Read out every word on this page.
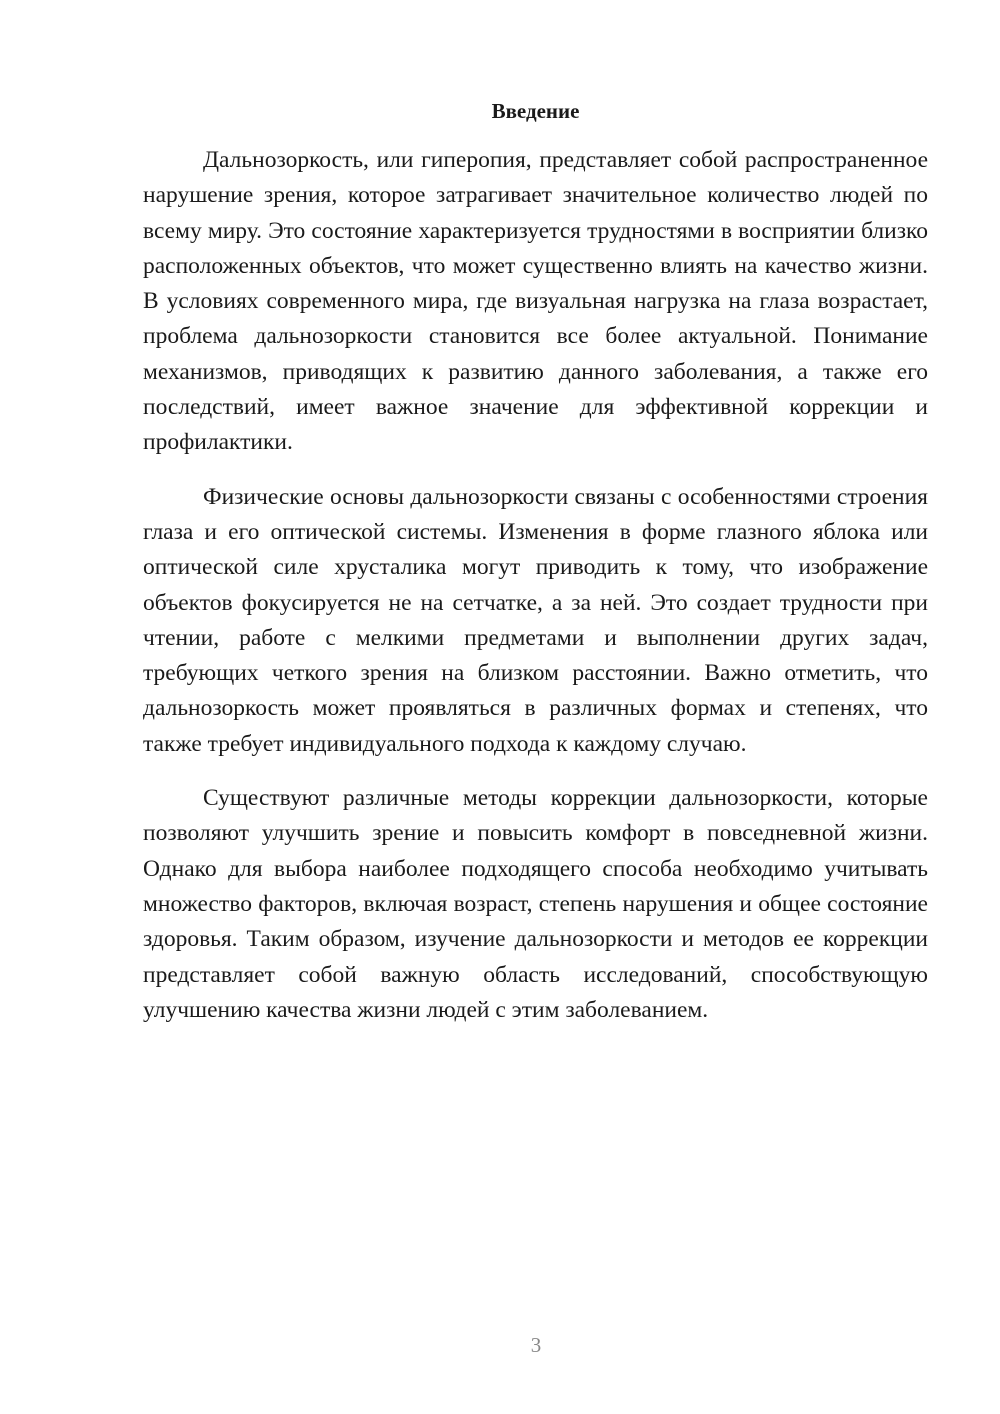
Введение

Дальнозоркость, или гиперопия, представляет собой распространенное нарушение зрения, которое затрагивает значительное количество людей по всему миру. Это состояние характеризуется трудностями в восприятии близко расположенных объектов, что может существенно влиять на качество жизни. В условиях современного мира, где визуальная нагрузка на глаза возрастает, проблема дальнозоркости становится все более актуальной. Понимание механизмов, приводящих к развитию данного заболевания, а также его последствий, имеет важное значение для эффективной коррекции и профилактики.

Физические основы дальнозоркости связаны с особенностями строения глаза и его оптической системы. Изменения в форме глазного яблока или оптической силе хрусталика могут приводить к тому, что изображение объектов фокусируется не на сетчатке, а за ней. Это создает трудности при чтении, работе с мелкими предметами и выполнении других задач, требующих четкого зрения на близком расстоянии. Важно отметить, что дальнозоркость может проявляться в различных формах и степенях, что также требует индивидуального подхода к каждому случаю.

Существуют различные методы коррекции дальнозоркости, которые позволяют улучшить зрение и повысить комфорт в повседневной жизни. Однако для выбора наиболее подходящего способа необходимо учитывать множество факторов, включая возраст, степень нарушения и общее состояние здоровья. Таким образом, изучение дальнозоркости и методов ее коррекции представляет собой важную область исследований, способствующую улучшению качества жизни людей с этим заболеванием.

3
